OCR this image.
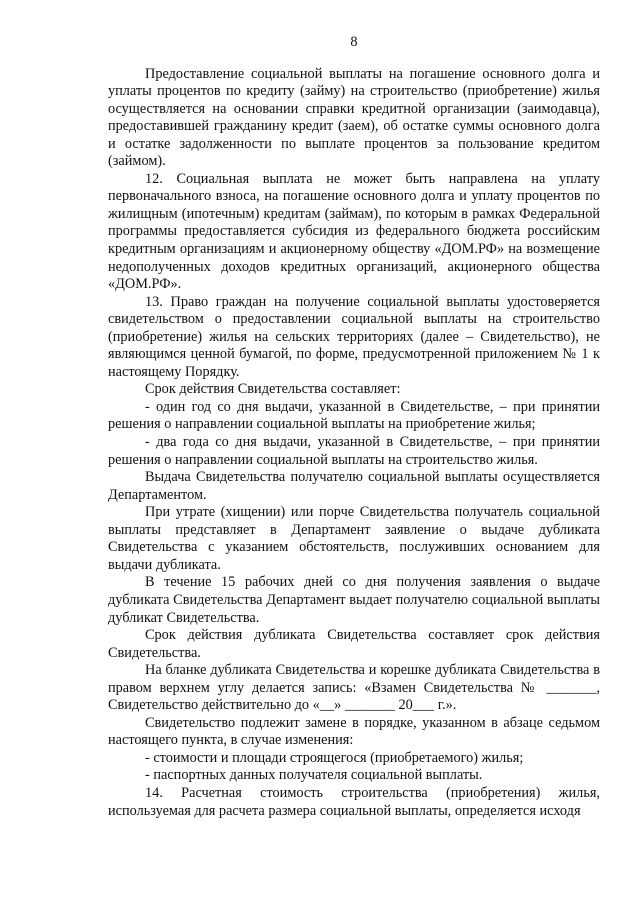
8

Предоставление социальной выплаты на погашение основного долга и уплаты процентов по кредиту (займу) на строительство (приобретение) жилья осуществляется на основании справки кредитной организации (заимодавца), предоставившей гражданину кредит (заем), об остатке суммы основного долга и остатке задолженности по выплате процентов за пользование кредитом (займом).

12. Социальная выплата не может быть направлена на уплату первоначального взноса, на погашение основного долга и уплату процентов по жилищным (ипотечным) кредитам (займам), по которым в рамках Федеральной программы предоставляется субсидия из федерального бюджета российским кредитным организациям и акционерному обществу «ДОМ.РФ» на возмещение недополученных доходов кредитных организаций, акционерного общества «ДОМ.РФ».

13. Право граждан на получение социальной выплаты удостоверяется свидетельством о предоставлении социальной выплаты на строительство (приобретение) жилья на сельских территориях (далее – Свидетельство), не являющимся ценной бумагой, по форме, предусмотренной приложением № 1 к настоящему Порядку.

Срок действия Свидетельства составляет:

- один год со дня выдачи, указанной в Свидетельстве, – при принятии решения о направлении социальной выплаты на приобретение жилья;

- два года со дня выдачи, указанной в Свидетельстве, – при принятии решения о направлении социальной выплаты на строительство жилья.

Выдача Свидетельства получателю социальной выплаты осуществляется Департаментом.

При утрате (хищении) или порче Свидетельства получатель социальной выплаты представляет в Департамент заявление о выдаче дубликата Свидетельства с указанием обстоятельств, послуживших основанием для выдачи дубликата.

В течение 15 рабочих дней со дня получения заявления о выдаче дубликата Свидетельства Департамент выдает получателю социальной выплаты дубликат Свидетельства.

Срок действия дубликата Свидетельства составляет срок действия Свидетельства.

На бланке дубликата Свидетельства и корешке дубликата Свидетельства в правом верхнем углу делается запись: «Взамен Свидетельства № _______, Свидетельство действительно до «__» _______ 20___ г.».

Свидетельство подлежит замене в порядке, указанном в абзаце седьмом настоящего пункта, в случае изменения:

- стоимости и площади строящегося (приобретаемого) жилья;

- паспортных данных получателя социальной выплаты.

14. Расчетная стоимость строительства (приобретения) жилья, используемая для расчета размера социальной выплаты, определяется исходя
